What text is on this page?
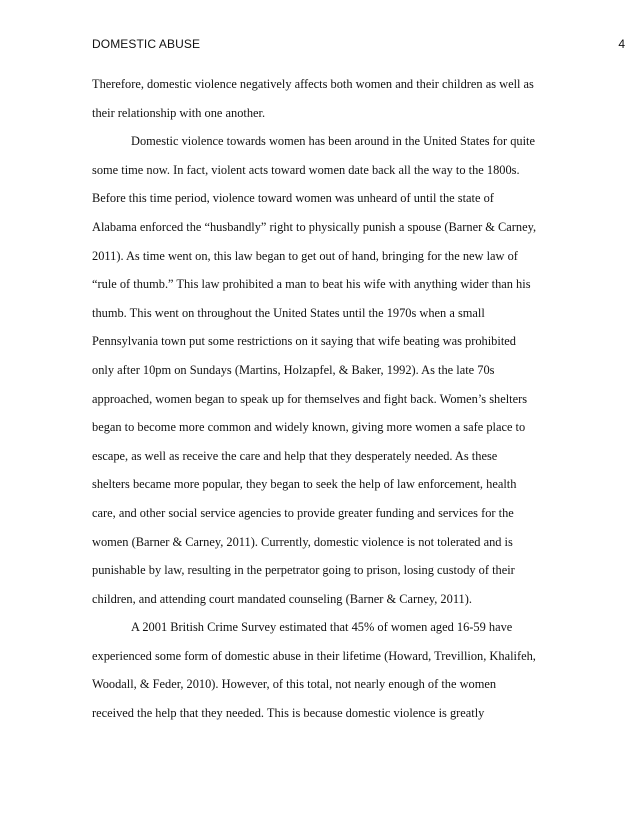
DOMESTIC ABUSE	4
Therefore, domestic violence negatively affects both women and their children as well as
their relationship with one another.
Domestic violence towards women has been around in the United States for quite
some time now. In fact, violent acts toward women date back all the way to the 1800s.
Before this time period, violence toward women was unheard of until the state of
Alabama enforced the “husbandly” right to physically punish a spouse (Barner & Carney,
2011). As time went on, this law began to get out of hand, bringing for the new law of
“rule of thumb.” This law prohibited a man to beat his wife with anything wider than his
thumb. This went on throughout the United States until the 1970s when a small
Pennsylvania town put some restrictions on it saying that wife beating was prohibited
only after 10pm on Sundays (Martins, Holzapfel, & Baker, 1992). As the late 70s
approached, women began to speak up for themselves and fight back. Women’s shelters
began to become more common and widely known, giving more women a safe place to
escape, as well as receive the care and help that they desperately needed. As these
shelters became more popular, they began to seek the help of law enforcement, health
care, and other social service agencies to provide greater funding and services for the
women (Barner & Carney, 2011). Currently, domestic violence is not tolerated and is
punishable by law, resulting in the perpetrator going to prison, losing custody of their
children, and attending court mandated counseling (Barner & Carney, 2011).
A 2001 British Crime Survey estimated that 45% of women aged 16-59 have
experienced some form of domestic abuse in their lifetime (Howard, Trevillion, Khalifeh,
Woodall, & Feder, 2010). However, of this total, not nearly enough of the women
received the help that they needed. This is because domestic violence is greatly
